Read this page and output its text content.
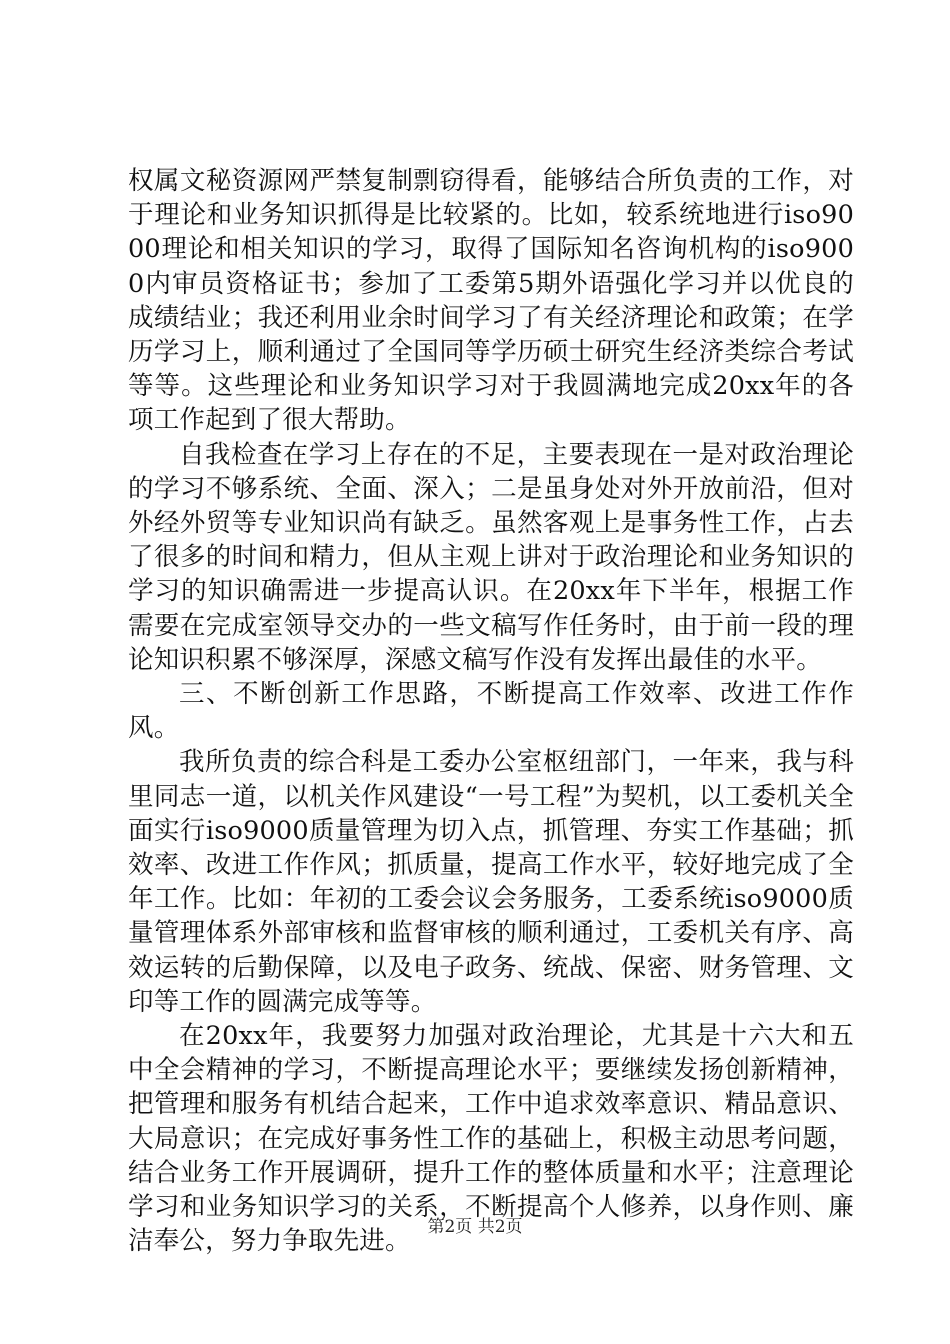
权属文秘资源网严禁复制剽窃得看，能够结合所负责的工作，对于理论和业务知识抓得是比较紧的。比如，较系统地进行iso9000理论和相关知识的学习，取得了国际知名咨询机构的iso9000内审员资格证书；参加了工委第5期外语强化学习并以优良的成绩结业；我还利用业余时间学习了有关经济理论和政策；在学历学习上，顺利通过了全国同等学历硕士研究生经济类综合考试等等。这些理论和业务知识学习对于我圆满地完成20xx年的各项工作起到了很大帮助。

自我检查在学习上存在的不足，主要表现在一是对政治理论的学习不够系统、全面、深入；二是虽身处对外开放前沿，但对外经外贸等专业知识尚有缺乏。虽然客观上是事务性工作，占去了很多的时间和精力，但从主观上讲对于政治理论和业务知识的学习的知识确需进一步提高认识。在20xx年下半年，根据工作需要在完成室领导交办的一些文稿写作任务时，由于前一段的理论知识积累不够深厚，深感文稿写作没有发挥出最佳的水平。

三、不断创新工作思路，不断提高工作效率、改进工作作风。

我所负责的综合科是工委办公室枢纽部门，一年来，我与科里同志一道，以机关作风建设“一号工程”为契机，以工委机关全面实行iso9000质量管理为切入点，抓管理、夯实工作基础；抓效率、改进工作作风；抓质量，提高工作水平，较好地完成了全年工作。比如：年初的工委会议会务服务，工委系统iso9000质量管理体系外部审核和监督审核的顺利通过，工委机关有序、高效运转的后勤保障，以及电子政务、统战、保密、财务管理、文印等工作的圆满完成等等。

在20xx年，我要努力加强对政治理论，尤其是十六大和五中全会精神的学习，不断提高理论水平；要继续发扬创新精神，把管理和服务有机结合起来，工作中追求效率意识、精品意识、大局意识；在完成好事务性工作的基础上，积极主动思考问题，结合业务工作开展调研，提升工作的整体质量和水平；注意理论学习和业务知识学习的关系，不断提高个人修养，以身作则、廉洁奉公，努力争取先进。 第2页 共2页
